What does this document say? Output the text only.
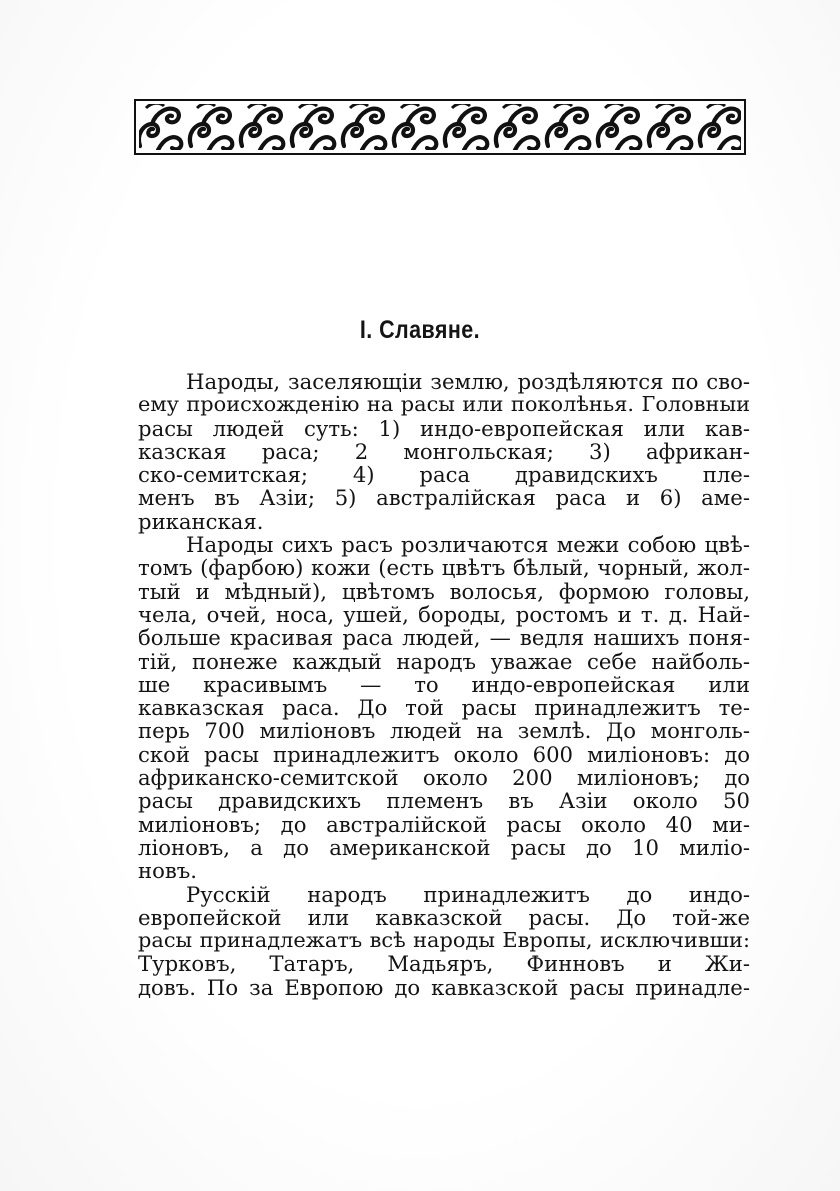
I. Славяне.
Народы, заселяющіи землю, роздѣляются по сво-
ему происхожденію на расы или поколѣнья. Головныи
расы людей суть: 1) индо-европейская или кав-
казская раса; 2 монгольская; 3) африкан-
ско-семитская; 4) раса дравидскихъ пле-
менъ въ Азіи; 5) австралійская раса и 6) аме-
риканская.
Народы сихъ расъ розличаются межи собою цвѣ-
томъ (фарбою) кожи (есть цвѣтъ бѣлый, чорный, жол-
тый и мѣдный), цвѣтомъ волосья, формою головы,
чела, очей, носа, ушей, бороды, ростомъ и т. д. Най-
больше красивая раса людей, — ведля нашихъ поня-
тій, понеже каждый народъ уважае себе найболь-
ше красивымъ — то индо-европейская или
кавказская раса. До той расы принадлежитъ те-
перь 700 миліоновъ людей на землѣ. До монголь-
ской расы принадлежитъ около 600 миліоновъ: до
африканско-семитской около 200 миліоновъ; до
расы дравидскихъ племенъ въ Азіи около 50
миліоновъ; до австралійской расы около 40 ми-
ліоновъ, а до американской расы до 10 миліо-
новъ.
Русскій народъ принадлежитъ до индо-
европейской или кавказской расы. До той-же
расы принадлежатъ всѣ народы Европы, исключивши:
Турковъ, Татаръ, Мадьяръ, Финновъ и Жи-
довъ. По за Европою до кавказской расы принадле-
